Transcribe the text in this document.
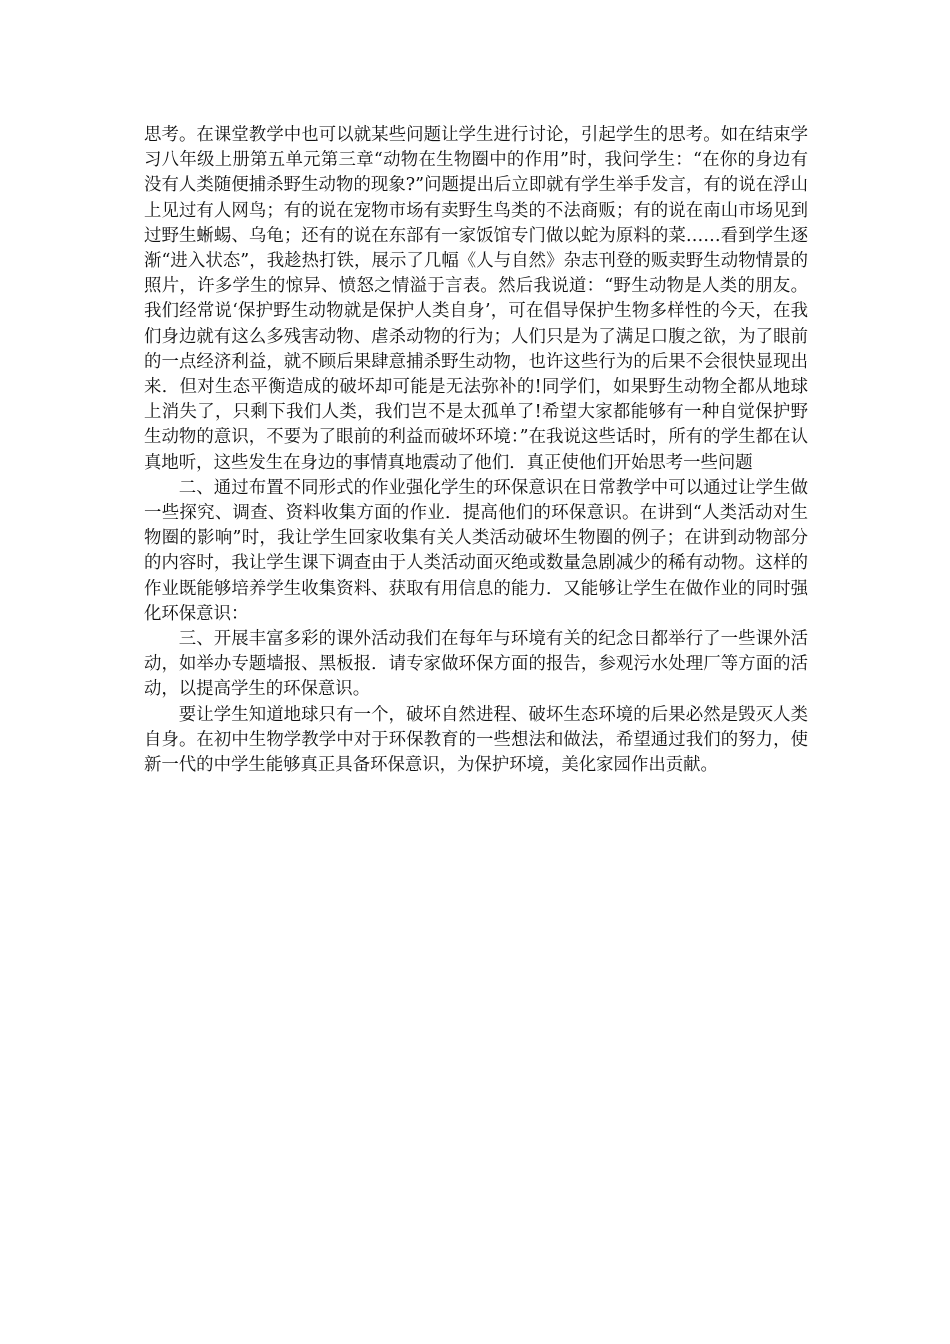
思考。在课堂教学中也可以就某些问题让学生进行讨论，引起学生的思考。如在结束学习八年级上册第五单元第三章“动物在生物圈中的作用”时，我问学生：“在你的身边有没有人类随便捕杀野生动物的现象?”问题提出后立即就有学生举手发言，有的说在浮山上见过有人网鸟；有的说在宠物市场有卖野生鸟类的不法商贩；有的说在南山市场见到过野生蜥蜴、乌龟；还有的说在东部有一家饭馆专门做以蛇为原料的菜……看到学生逐渐“进入状态”，我趁热打铁，展示了几幅《人与自然》杂志刊登的贩卖野生动物情景的照片，许多学生的惊异、愤怒之情溢于言表。然后我说道：“野生动物是人类的朋友。我们经常说‘保护野生动物就是保护人类自身’，可在倡导保护生物多样性的今天，在我们身边就有这么多残害动物、虐杀动物的行为；人们只是为了满足口腹之欲，为了眼前的一点经济利益，就不顾后果肆意捕杀野生动物，也许这些行为的后果不会很快显现出来．但对生态平衡造成的破坏却可能是无法弥补的!同学们，如果野生动物全都从地球上消失了，只剩下我们人类，我们岂不是太孤单了!希望大家都能够有一种自觉保护野生动物的意识，不要为了眼前的利益而破坏环境：”在我说这些话时，所有的学生都在认真地听，这些发生在身边的事情真地震动了他们．真正使他们开始思考一些问题

二、通过布置不同形式的作业强化学生的环保意识在日常教学中可以通过让学生做一些探究、调查、资料收集方面的作业．提高他们的环保意识。在讲到“人类活动对生物圈的影响”时，我让学生回家收集有关人类活动破坏生物圈的例子；在讲到动物部分的内容时，我让学生课下调查由于人类活动面灭绝或数量急剧减少的稀有动物。这样的作业既能够培养学生收集资料、获取有用信息的能力．又能够让学生在做作业的同时强化环保意识：

三、开展丰富多彩的课外活动我们在每年与环境有关的纪念日都举行了一些课外活动，如举办专题墙报、黑板报．请专家做环保方面的报告，参观污水处理厂等方面的活动，以提高学生的环保意识。

要让学生知道地球只有一个，破坏自然进程、破坏生态环境的后果必然是毁灭人类自身。在初中生物学教学中对于环保教育的一些想法和做法，希望通过我们的努力，使新一代的中学生能够真正具备环保意识，为保护环境，美化家园作出贡献。
